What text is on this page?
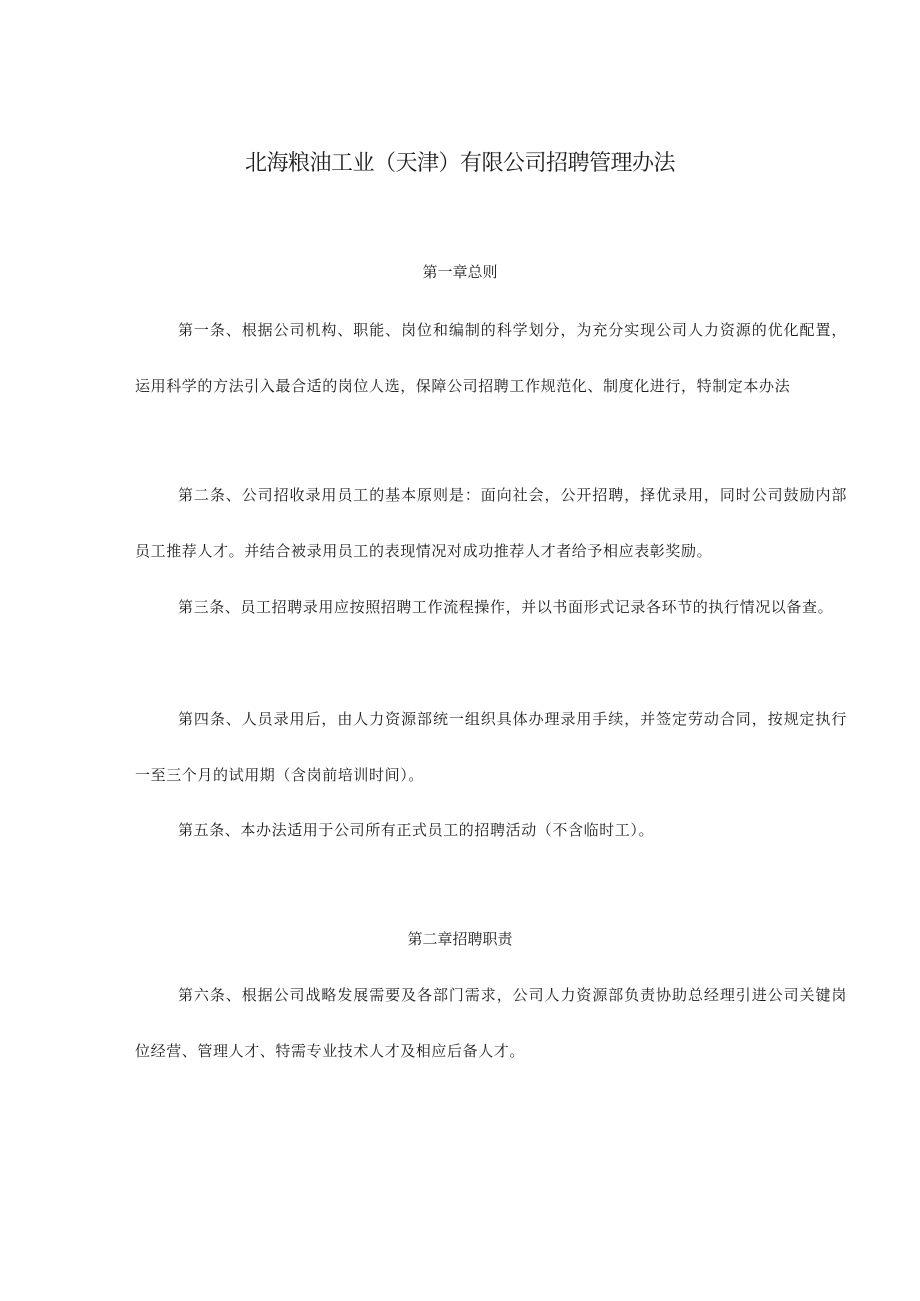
北海粮油工业（天津）有限公司招聘管理办法
第一章总则

第一条、根据公司机构、职能、岗位和编制的科学划分，为充分实现公司人力资源的优化配置，运用科学的方法引入最合适的岗位人选，保障公司招聘工作规范化、制度化进行，特制定本办法

第二条、公司招收录用员工的基本原则是：面向社会，公开招聘，择优录用，同时公司鼓励内部员工推荐人才。并结合被录用员工的表现情况对成功推荐人才者给予相应表彰奖励。

第三条、员工招聘录用应按照招聘工作流程操作，并以书面形式记录各环节的执行情况以备查。

第四条、人员录用后，由人力资源部统一组织具体办理录用手续，并签定劳动合同，按规定执行一至三个月的试用期（含岗前培训时间）。

第五条、本办法适用于公司所有正式员工的招聘活动（不含临时工）。

第二章招聘职责

第六条、根据公司战略发展需要及各部门需求，公司人力资源部负责协助总经理引进公司关键岗位经营、管理人才、特需专业技术人才及相应后备人才。
